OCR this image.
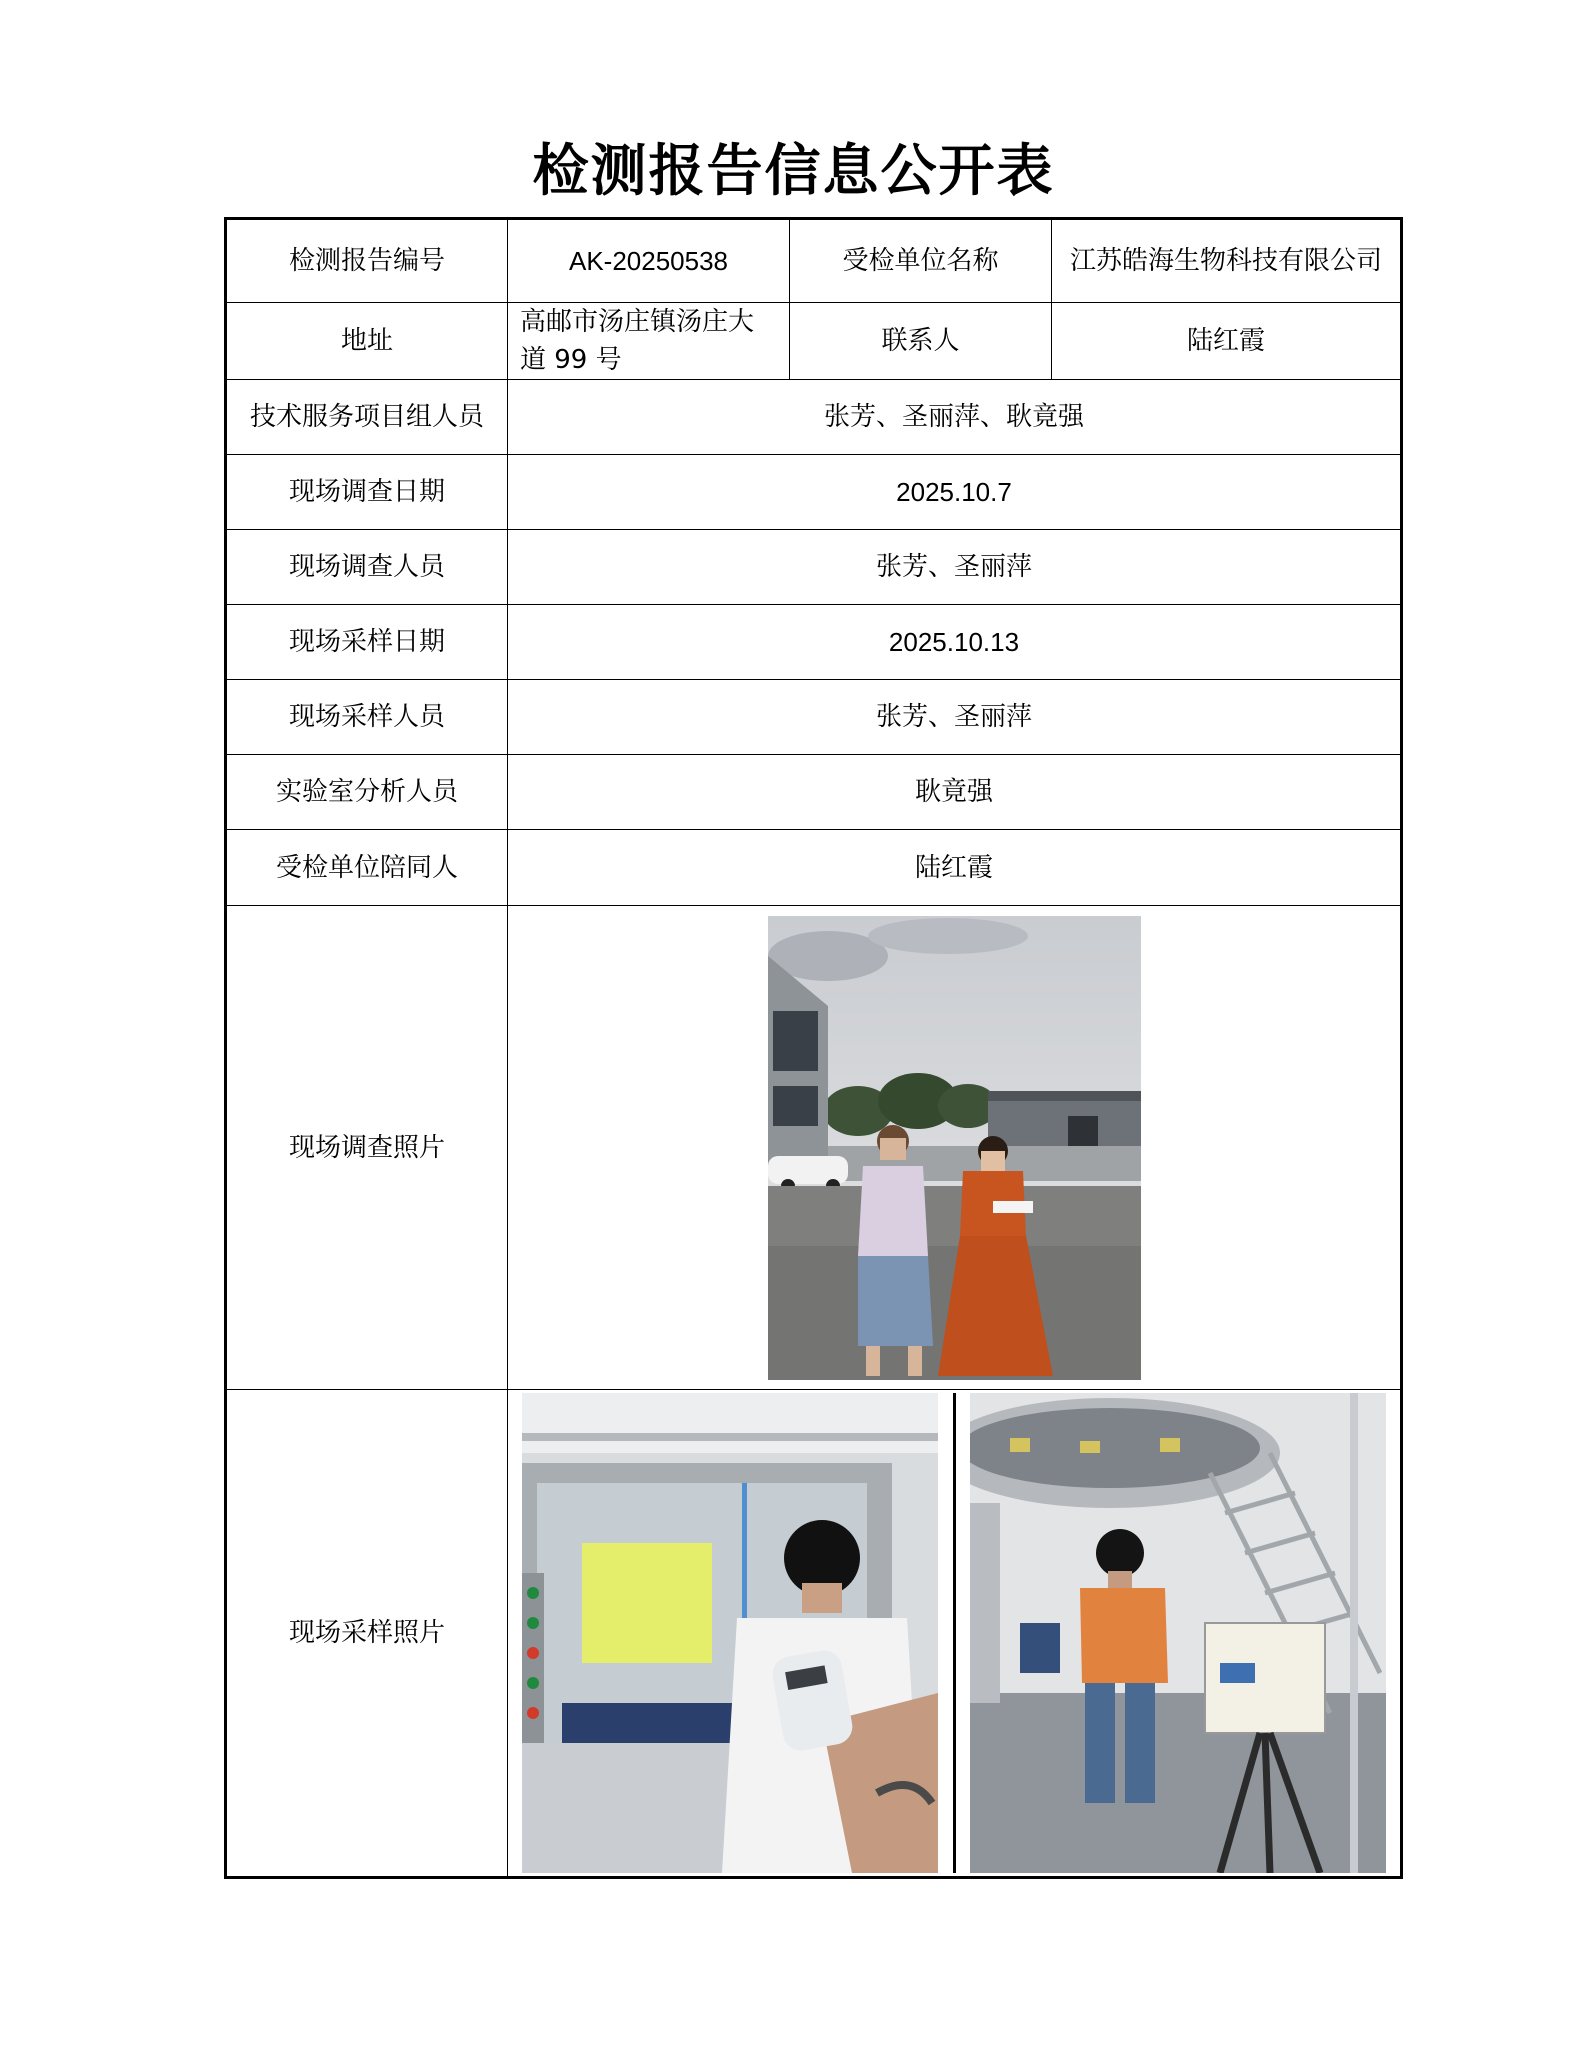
检测报告信息公开表
检测报告编号	AK-20250538	受检单位名称	江苏皓海生物科技有限公司
地址	高邮市汤庄镇汤庄大道 99 号	联系人	陆红霞
技术服务项目组人员	张芳、圣丽萍、耿竟强		
现场调查日期	2025.10.7		
现场调查人员	张芳、圣丽萍		
现场采样日期	2025.10.13		
现场采样人员	张芳、圣丽萍		
实验室分析人员	耿竟强		
受检单位陪同人	陆红霞		
现场调查照片	

现场采样照片	
